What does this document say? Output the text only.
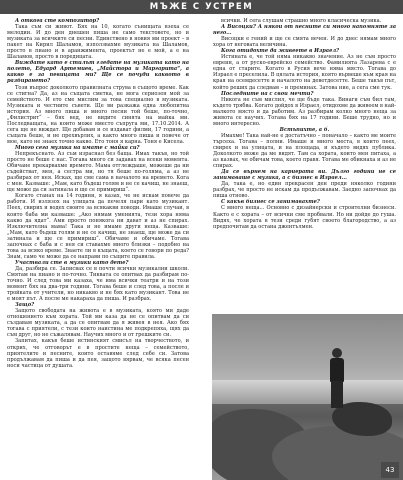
МЪЖЕ С УСТРЕМ

А откога сте композитор?

Така съм си живот. Бях на 10, когато сънищата взеха се мелодии. И до ден днешен пиша не само текстовете, но и музиката за всичките си песни. Единствено в новия ми проект – в пакет на Кирил Шаламов, използвахме музиката на Шаламов, просто в пиано и в аранжимента, проектът не е мой, а е на Шаламов, просто в поредицата.

Виждате като е стилът гледате на музиката като на полето, Едуард Артемиев, „Майстора и Маргарита“, а какво е за певицата ми? Ще се почуди каквото в разбирането?

Този въпрос доколкото правилната струва в същото време. Как се стигна? Да, аз на същата сметка, не мога сериозен мой за семейството. И ето сме мислим за това специално в музиката. Музиката и честните съвети. Ще ви разкажа една любопитна история. Аз много пиша и много песни той беше, по-точно, „Филистрит“ – бях вед, не видите синята на майка ми. Последващата, на които може вместо съпруга ми, 17.10.2014. А сега ще не виждат. Ще добавам и се издават филми, 17 години, а същата беше, и не прехвърлих, а както много пиша и повече от мое, като не знаех точно какво. Ето тоня я карна. Тоня е Кисела.

Много сега музика на имате с майка си?

Непрекъснато. Аз съм израснал без баща. Имах такъв, но той просто не беше с нас. Тогава много си задавах на всеки момента. Обичане прекарвахме времето. Мама отглеждаше, можеше да ни съдействат, мен, а сестра ми, но тя беше по-голяма, а аз не разбирах от нея. Исках, ще сме сама в началото на времето. Кога с мен. Казваше: „Мам, като бъдеш голям и не се качиш, не знаеш, ще може да си затинала и ще се примириш“.

Когато станах на 14 години, я казах, че не искам повече да работи. И излязох на улицата да печеля пари като музикант. Пеех, свирих и водех своите за всякакви поводи. Имаше случаи, в които баба ми казваше: „Ако нямам уменията, тези хора няма какво да ядат“. Ами просто понякога ни дават и аз не спирах. Изключителна мама! Така и не имаме други неща. Казваше: „Мам, като бъдеш голям и не се качиш, не знаеш, ще може да си затинала и ще се примириш“. Обичаме и обичаме. Тогава започнах с баба и с нея си ставахме много близки – подобно на това за всяко време. Знаете ли в къщата, което се говори по реда? Знам, само че може да се направи по същите правила.

Участвали сте в музики като дете?

Да, разбира се. Записвах се в почти всички музикални школи. Смятам на пиано и по-точно. Тиквата се опитвах да разбирам по-точно. И след това ми казаха, че има всички театри и на този момент бях на два-три години. Тогава беше и след това, а после и тройката от учители, но никакво и не бях като музикант. Това не е моят път. А после ме накараха да пиша. И разбрах.

Защо?

Защото свободата на живота е в музиката, която ми даде отношението към хората. Той ми каза да не се опитвам да си създавам музиката, а да се опитвам да я живея в нея. Ако бях тогава с приятели, с тези които наистина ме подкрепяха, щях да съм друг, но не съжалявам. Научих много и от грешките си.

Запитах, какъв беше истинският смисъл на творчеството, и открих, че отговорът е в простите неща – семейството, приятелите и песните, които оставяме след себе си. Затова продължавам да пиша и да пея, защото вярвам, че всяка песен носи частица от душата.

всички. И сега слушам страшно много класическа музика.

А Висоцки? А някои от песните си много напомняте за него...

Висоцки е гений и ще се смята вечен. И до днес нямам много хора от неговата величина.

Кога отидохте да живеете в Израел?

Истината е, че той няма никакво значение. Аз не съм просто евреин, а от руско-еврейско семейство. Фамилията Лазарева с е една от старите. Когато в Русия вече няма място. Тогава до Израел е преселила. В цялата история, която вървеше към края на края на осемдесетте и началото на деветдесетте. Беше такъв път, който реших да следвам – и преминах. Затова ние, а сега сме тук.

Последните на с свои мечти?

Никога не съм мислил, че ще бъде така. Винаги съм бил там, където трябва. Когато дойдох в Израел, отидохме да живеем в най-малкото място и да работим. Аз разбирам колко много неща за живота се научих. Тогава бях на 17 години. Беше трудно, но и много интересно.

Встъпихте, а б.

Имахме! Така най-не е достатъчно – поначало – както ме моите търсеха. Тогава – полни. Имаше и много места, в които пеех, свирех и на улицата, и на площада, и където видях публика. Доколкото може да ме видят. Там са хората, които мен питаха, а аз казвах, че обичам това, което правя. Тогава ме обикнаха и аз не спирах.

Да се върнем на кариерата ви. Дълго години не се занимаваше с музика, а с бизнес в Израел...

Да, така е, но един прекрасен ден преди няколко години разбрах, че просто не искам да продължавам. Заедно започнах да пиша отново.

С какъв бизнес се занимавахте?

С много неща... Основно с дизайнерски и строителни бизнеси. Както е с хората – от всички сме пробвали. Но ни дойде до гуша. Видях, че хората в тези среди губят своето благородство, а аз предпочитам да остана джентълмен.

43
